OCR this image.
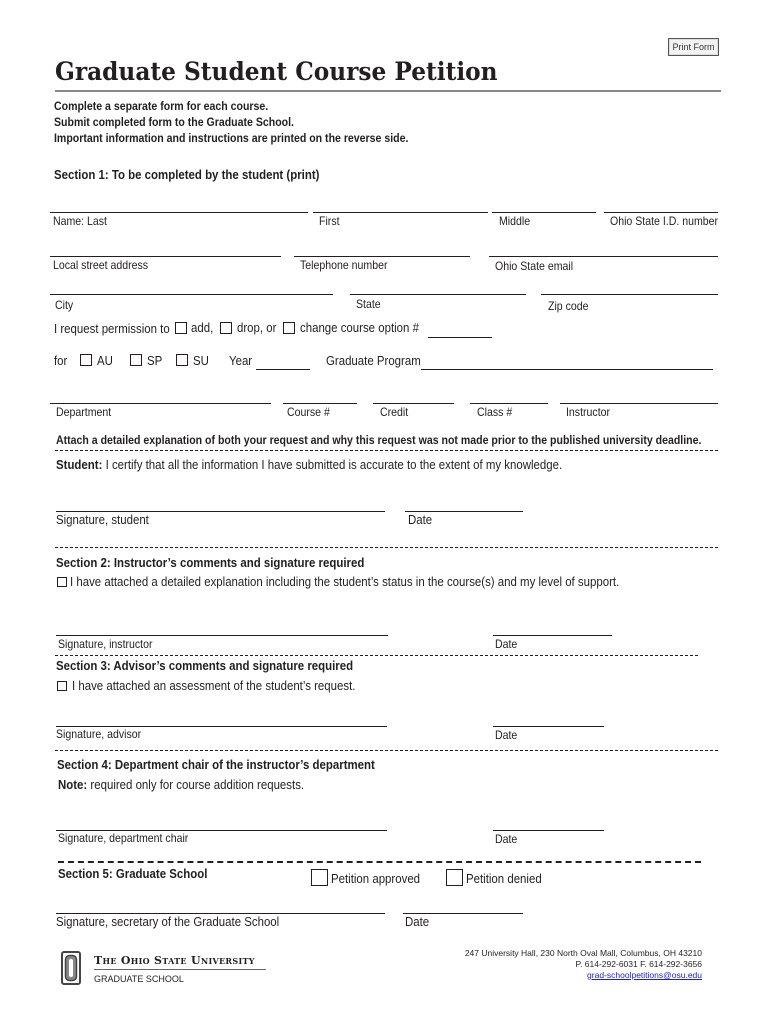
Print Form
Graduate Student Course Petition
Complete a separate form for each course.
Submit completed form to the Graduate School.
Important information and instructions are printed on the reverse side.
Section 1: To be completed by the student (print)
Name: Last	First	Middle	Ohio State I.D. number
Local street address	Telephone number	Ohio State email
City	State	Zip code
I request permission to add, drop, or change course option #
for AU	SP SU Year	Graduate Program
Department	Course #	Credit	Class #	Instructor
Attach a detailed explanation of both your request and why this request was not made prior to the published university deadline.
Student: I certify that all the information I have submitted is accurate to the extent of my knowledge.
Signature, student	Date
Section 2: Instructor’s comments and signature required
I have attached a detailed explanation including the student’s status in the course(s) and my level of support.
Signature, instructor	Date
Section 3: Advisor’s comments and signature required
I have attached an assessment of the student’s request.
Signature, advisor	Date
Section 4: Department chair of the instructor’s department
Note: required only for course addition requests.
Signature, department chair	Date
Section 5: Graduate School	Petition approved	Petition denied
Signature, secretary of the Graduate School	Date
The Ohio State University
GRADUATE SCHOOL
247 University Hall, 230 North Oval Mall, Columbus, OH 43210
P. 614-292-6031 F. 614-292-3656
grad-schoolpetitions@osu.edu
